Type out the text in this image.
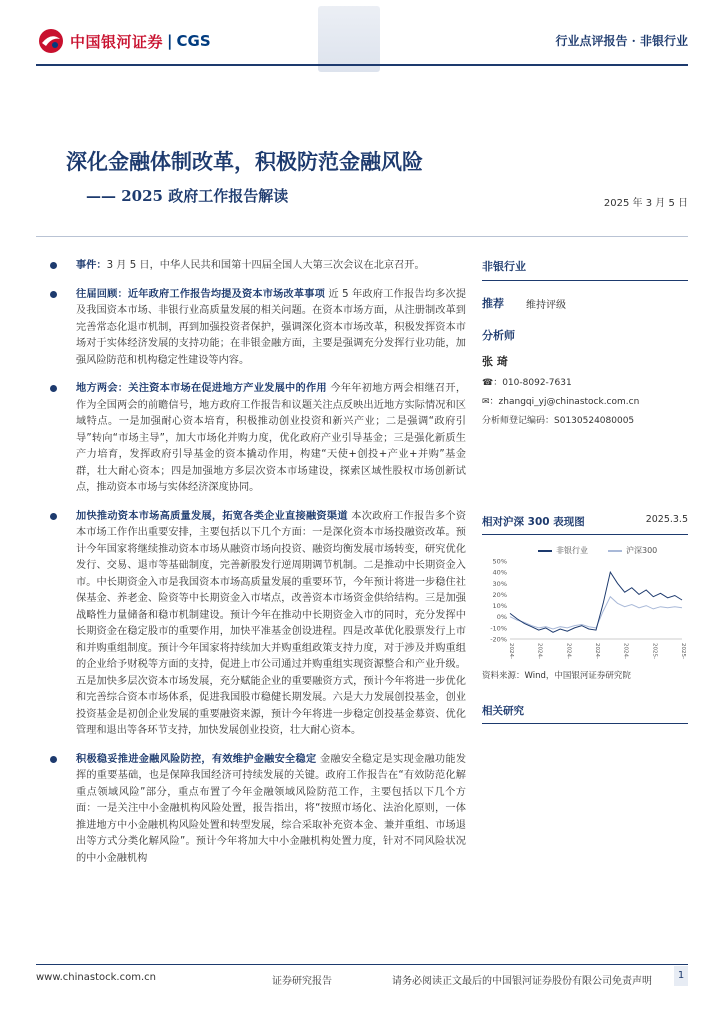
中国银河证券 | CGS	行业点评报告 · 非银行业
深化金融体制改革，积极防范金融风险
—— 2025 政府工作报告解读	2025 年 3 月 5 日
事件：3 月 5 日，中华人民共和国第十四届全国人大第三次会议在北京召开。
往届回顾：近年政府工作报告均提及资本市场改革事项 近 5 年政府工作报告均多次提及我国资本市场、非银行业高质量发展的相关问题。在资本市场方面，从注册制改革到完善常态化退市机制，再到加强投资者保护，强调深化资本市场改革，积极发挥资本市场对于实体经济发展的支持功能；在非银金融方面，主要是强调充分发挥行业功能，加强风险防范和机构稳定性建设等内容。
地方两会：关注资本市场在促进地方产业发展中的作用 今年年初地方两会相继召开，作为全国两会的前瞻信号，地方政府工作报告和议题关注点反映出近地方实际情况和区域特点。一是加强耐心资本培育，积极推动创业投资和新兴产业；二是强调“政府引导”转向“市场主导”，加大市场化并购力度，优化政府产业引导基金；三是强化新质生产力培育，发挥政府引导基金的资本撬动作用，构建“天使+创投+产业+并购”基金群，壮大耐心资本；四是加强地方多层次资本市场建设，探索区域性股权市场创新试点，推动资本市场与实体经济深度协同。
加快推动资本市场高质量发展，拓宽各类企业直接融资渠道 本次政府工作报告多个资本市场工作作出重要安排，主要包括以下几个方面：一是深化资本市场投融资改革。预计今年国家将继续推动资本市场从融资市场向投资、融资均衡发展市场转变，研究优化发行、交易、退市等基础制度，完善新股发行逆周期调节机制。二是推动中长期资金入市。中长期资金入市是我国资本市场高质量发展的重要环节，今年预计将进一步稳住社保基金、养老金、险资等中长期资金入市堵点，改善资本市场资金供给结构。三是加强战略性力量储备和稳市机制建设。预计今年在推动中长期资金入市的同时，充分发挥中长期资金在稳定股市的重要作用，加快平准基金创设进程。四是改革优化股票发行上市和并购重组制度。预计今年国家将持续加大并购重组政策支持力度，对于涉及并购重组的企业给予财税等方面的支持，促进上市公司通过并购重组实现资源整合和产业升级。五是加快多层次资本市场发展，充分赋能企业的重要融资方式，预计今年将进一步优化和完善综合资本市场体系，促进我国股市稳健长期发展。六是大力发展创投基金，创业投资基金是初创企业发展的重要融资来源，预计今年将进一步稳定创投基金募资、优化管理和退出等各环节支持，加快发展创业投资，壮大耐心资本。
积极稳妥推进金融风险防控，有效维护金融安全稳定 金融安全稳定是实现金融功能发挥的重要基础，也是保障我国经济可持续发展的关键。政府工作报告在“有效防范化解重点领域风险”部分，重点布置了今年金融领域风险防范工作，主要包括以下几个方面：一是关注中小金融机构风险处置，报告指出，将“按照市场化、法治化原则，一体推进地方中小金融机构风险处置和转型发展，综合采取补充资本金、兼并重组、市场退出等方式分类化解风险”。预计今年将加大中小金融机构处置力度，针对不同风险状况的中小金融机构
非银行业
推荐	维持评级
分析师
张 琦
☎：010-8092-7631
✉：zhangqi_yj@chinastock.com.cn
分析师登记编码：S0130524080005
相对沪深 300 表现图	2025.3.5
非银行业	沪深300
-20%
-10%
0%
10%
20%
30%
40%
50%
2024-03	2024-05	2024-07	2024-09	2024-11	2025-01	2025-03
资料来源：Wind，中国银河证券研究院
相关研究
www.chinastock.com.cn	证券研究报告	请务必阅读正文最后的中国银河证券股份有限公司免责声明
1
